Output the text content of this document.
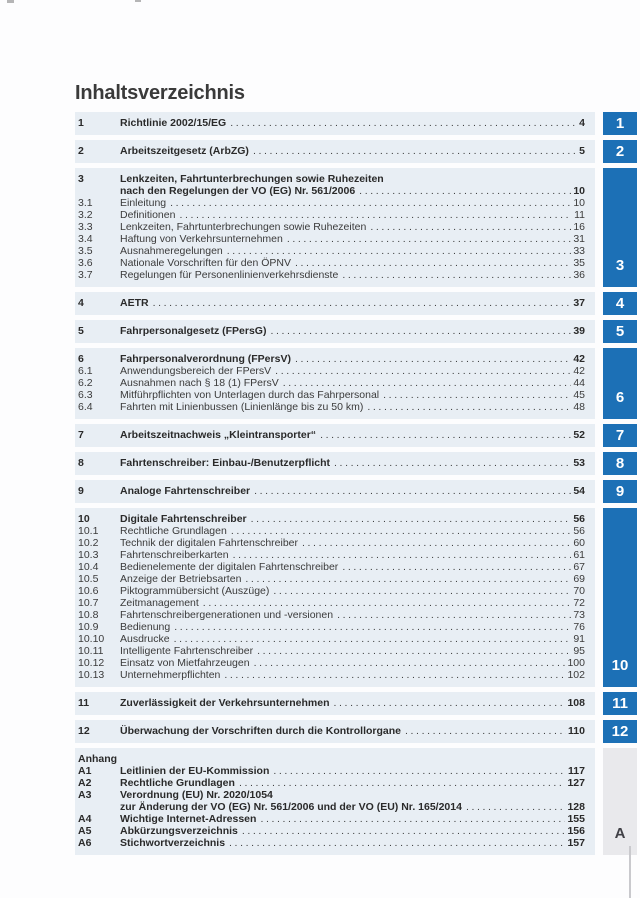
Inhaltsverzeichnis
1	Richtlinie 2002/15/EG .....	4
2	Arbeitszeitgesetz (ArbZG) .....	5
3	Lenkzeiten, Fahrtunterbrechungen sowie Ruhezeiten
nach den Regelungen der VO (EG) Nr. 561/2006 .....	10
3.1	Einleitung .....	10
3.2	Definitionen .....	11
3.3	Lenkzeiten, Fahrtunterbrechungen sowie Ruhezeiten .....	16
3.4	Haftung von Verkehrsunternehmen .....	31
3.5	Ausnahmeregelungen .....	33
3.6	Nationale Vorschriften für den ÖPNV .....	35
3.7	Regelungen für Personenlinienverkehrsdienste .....	36
4	AETR .....	37
5	Fahrpersonalgesetz (FPersG) .....	39
6	Fahrpersonalverordnung (FPersV) .....	42
6.1	Anwendungsbereich der FPersV .....	42
6.2	Ausnahmen nach § 18 (1) FPersV .....	44
6.3	Mitführpflichten von Unterlagen durch das Fahrpersonal .....	45
6.4	Fahrten mit Linienbussen (Linienlänge bis zu 50 km) .....	48
7	Arbeitszeitnachweis „Kleintransporter“ .....	52
8	Fahrtenschreiber: Einbau-/Benutzerpflicht .....	53
9	Analoge Fahrtenschreiber .....	54
10	Digitale Fahrtenschreiber .....	56
10.1	Rechtliche Grundlagen .....	56
10.2	Technik der digitalen Fahrtenschreiber .....	60
10.3	Fahrtenschreiberkarten .....	61
10.4	Bedienelemente der digitalen Fahrtenschreiber .....	67
10.5	Anzeige der Betriebsarten .....	69
10.6	Piktogrammübersicht (Auszüge) .....	70
10.7	Zeitmanagement .....	72
10.8	Fahrtenschreibergenerationen und -versionen .....	73
10.9	Bedienung .....	76
10.10	Ausdrucke .....	91
10.11	Intelligente Fahrtenschreiber .....	95
10.12	Einsatz von Mietfahrzeugen .....	100
10.13	Unternehmerpflichten .....	102
11	Zuverlässigkeit der Verkehrsunternehmen .....	108
12	Überwachung der Vorschriften durch die Kontrollorgane .....	110
Anhang
A1	Leitlinien der EU-Kommission .....	117
A2	Rechtliche Grundlagen .....	127
A3	Verordnung (EU) Nr. 2020/1054
zur Änderung der VO (EG) Nr. 561/2006 und der VO (EU) Nr. 165/2014 .....	128
A4	Wichtige Internet-Adressen .....	155
A5	Abkürzungsverzeichnis .....	156
A6	Stichwortverzeichnis .....	157
1
2
3
4
5
6
7
8
9
10
11
12
A
